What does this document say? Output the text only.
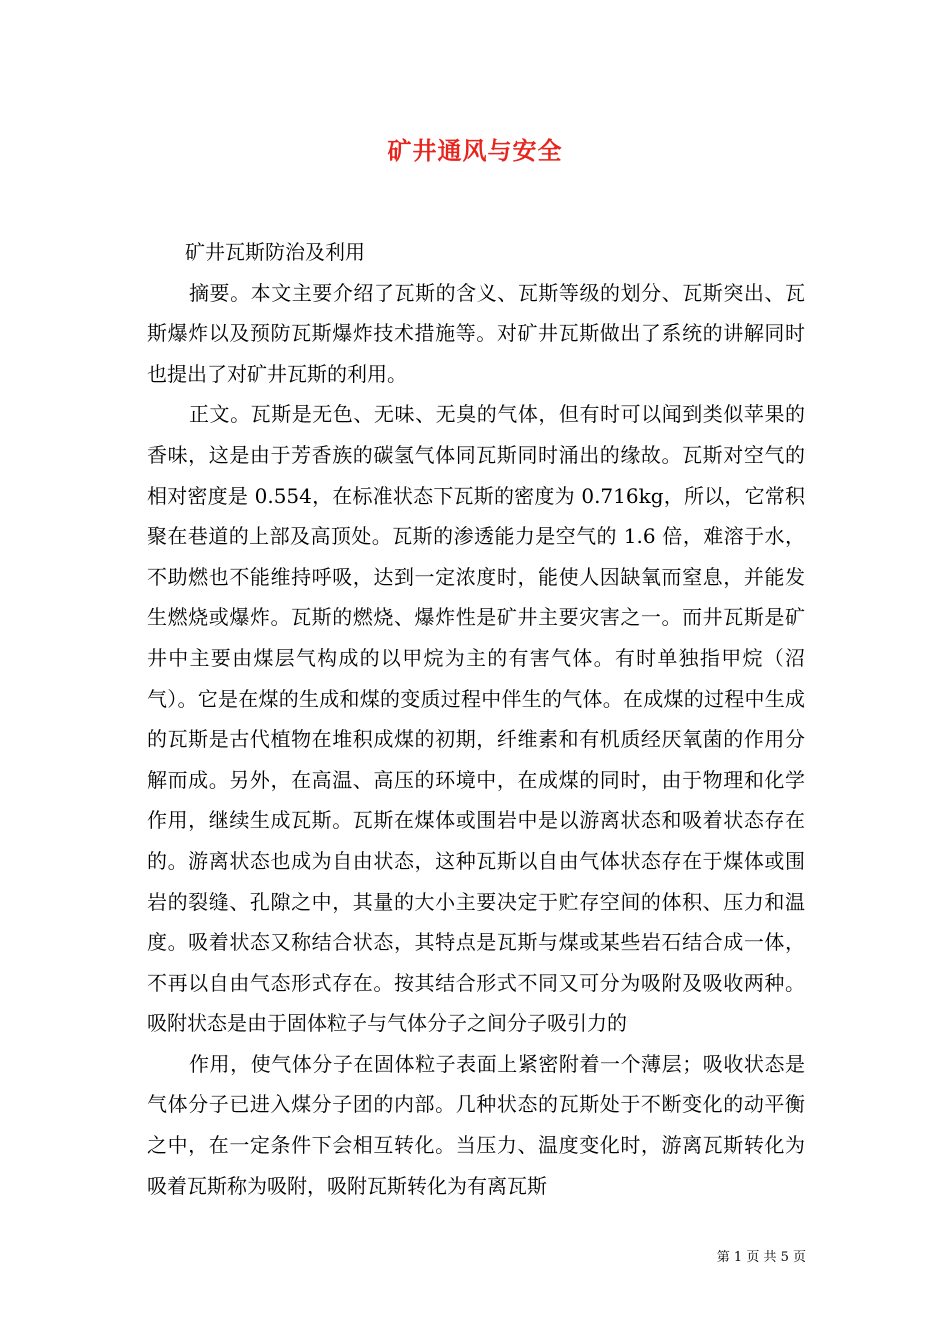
矿井通风与安全

矿井瓦斯防治及利用

摘要。本文主要介绍了瓦斯的含义、瓦斯等级的划分、瓦斯突出、瓦斯爆炸以及预防瓦斯爆炸技术措施等。对矿井瓦斯做出了系统的讲解同时也提出了对矿井瓦斯的利用。

正文。瓦斯是无色、无味、无臭的气体，但有时可以闻到类似苹果的香味，这是由于芳香族的碳氢气体同瓦斯同时涌出的缘故。瓦斯对空气的相对密度是 0.554，在标准状态下瓦斯的密度为 0.716kg，所以，它常积聚在巷道的上部及高顶处。瓦斯的渗透能力是空气的 1.6 倍，难溶于水，不助燃也不能维持呼吸，达到一定浓度时，能使人因缺氧而窒息，并能发生燃烧或爆炸。瓦斯的燃烧、爆炸性是矿井主要灾害之一。而井瓦斯是矿井中主要由煤层气构成的以甲烷为主的有害气体。有时单独指甲烷（沼气）。它是在煤的生成和煤的变质过程中伴生的气体。在成煤的过程中生成的瓦斯是古代植物在堆积成煤的初期，纤维素和有机质经厌氧菌的作用分解而成。另外，在高温、高压的环境中，在成煤的同时，由于物理和化学作用，继续生成瓦斯。瓦斯在煤体或围岩中是以游离状态和吸着状态存在的。游离状态也成为自由状态，这种瓦斯以自由气体状态存在于煤体或围岩的裂缝、孔隙之中，其量的大小主要决定于贮存空间的体积、压力和温度。吸着状态又称结合状态，其特点是瓦斯与煤或某些岩石结合成一体，不再以自由气态形式存在。按其结合形式不同又可分为吸附及吸收两种。吸附状态是由于固体粒子与气体分子之间分子吸引力的

作用，使气体分子在固体粒子表面上紧密附着一个薄层；吸收状态是气体分子已进入煤分子团的内部。几种状态的瓦斯处于不断变化的动平衡之中，在一定条件下会相互转化。当压力、温度变化时，游离瓦斯转化为吸着瓦斯称为吸附，吸附瓦斯转化为有离瓦斯

第 1 页 共 5 页
